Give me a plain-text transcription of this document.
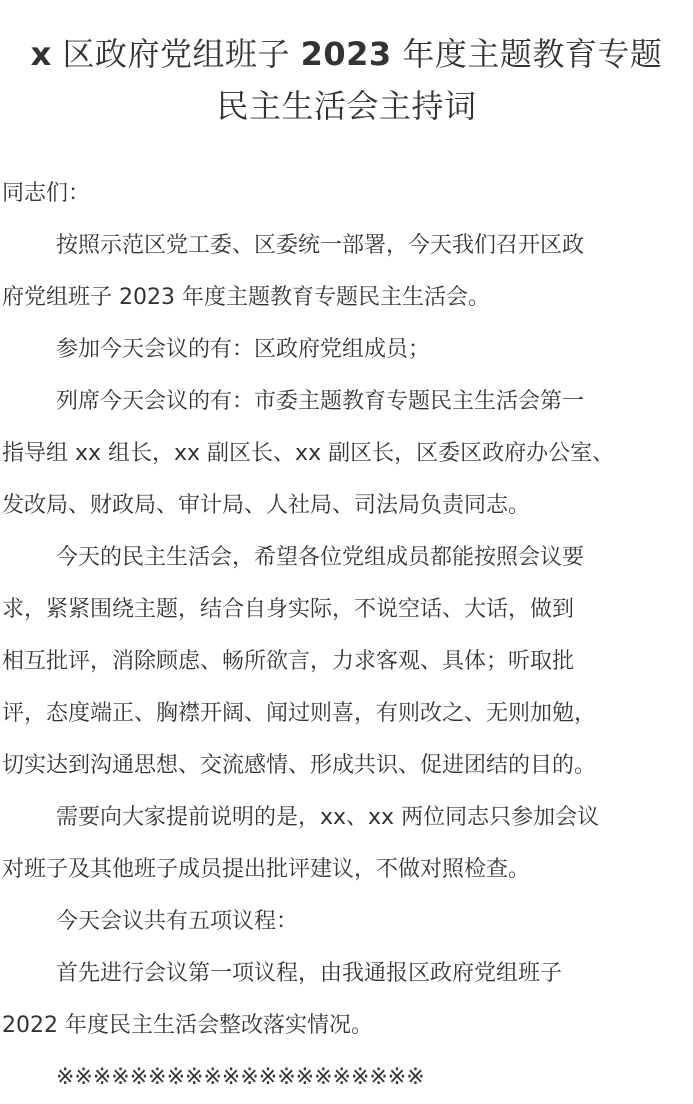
x 区政府党组班子 2023 年度主题教育专题
民主生活会主持词
同志们：
按照示范区党工委、区委统一部署，今天我们召开区政
府党组班子 2023 年度主题教育专题民主生活会。
参加今天会议的有：区政府党组成员；
列席今天会议的有：市委主题教育专题民主生活会第一
指导组 xx 组长，xx 副区长、xx 副区长，区委区政府办公室、
发改局、财政局、审计局、人社局、司法局负责同志。
今天的民主生活会，希望各位党组成员都能按照会议要
求，紧紧围绕主题，结合自身实际，不说空话、大话，做到
相互批评，消除顾虑、畅所欲言，力求客观、具体；听取批
评，态度端正、胸襟开阔、闻过则喜，有则改之、无则加勉，
切实达到沟通思想、交流感情、形成共识、促进团结的目的。
需要向大家提前说明的是，xx、xx 两位同志只参加会议
对班子及其他班子成员提出批评建议，不做对照检查。
今天会议共有五项议程：
首先进行会议第一项议程，由我通报区政府党组班子
2022 年度民主生活会整改落实情况。
※※※※※※※※※※※※※※※※※※※※
